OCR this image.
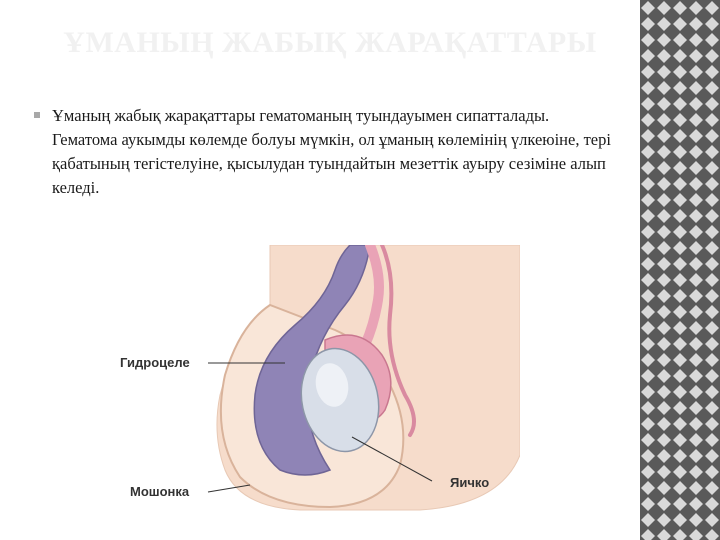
ҰМАНЫҢ ЖАБЫҚ ЖАРАҚАТТАРЫ

Ұманың жабық жарақаттары гематоманың туындауымен сипатталады. Гематома аукымды көлемде болуы мүмкін, ол ұманың көлемінің үлкеюіне, тері қабатының тегістелуіне, қысылудан туындайтын мезеттік ауыру сезіміне алып келеді.

Гидроцеле
Мошонка
Яичко
